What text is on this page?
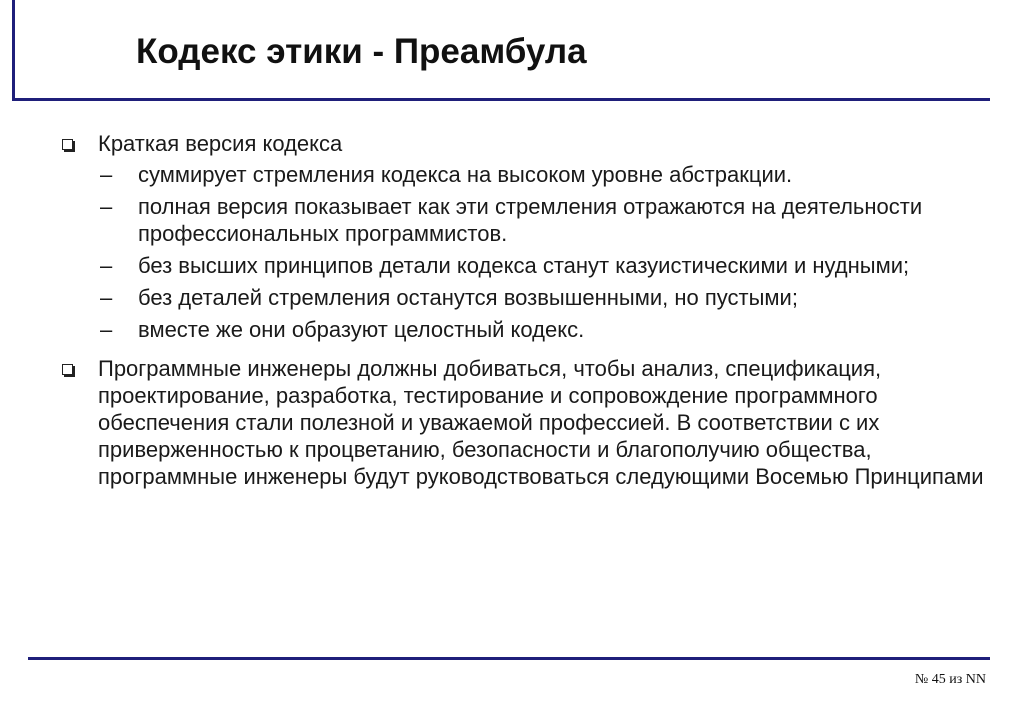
Кодекс этики - Преамбула
Краткая версия кодекса
– суммирует стремления кодекса на высоком уровне абстракции.
– полная версия показывает как эти стремления отражаются на деятельности профессиональных программистов.
– без высших принципов детали кодекса станут казуистическими и нудными;
– без деталей стремления останутся возвышенными, но пустыми;
– вместе же они образуют целостный кодекс.
Программные инженеры должны добиваться, чтобы анализ, спецификация, проектирование, разработка, тестирование и сопровождение программного обеспечения стали полезной и уважаемой профессией. В соответствии с их приверженностью к процветанию, безопасности и благополучию общества, программные инженеры будут руководствоваться следующими Восемью Принципами
№ 45 из NN
